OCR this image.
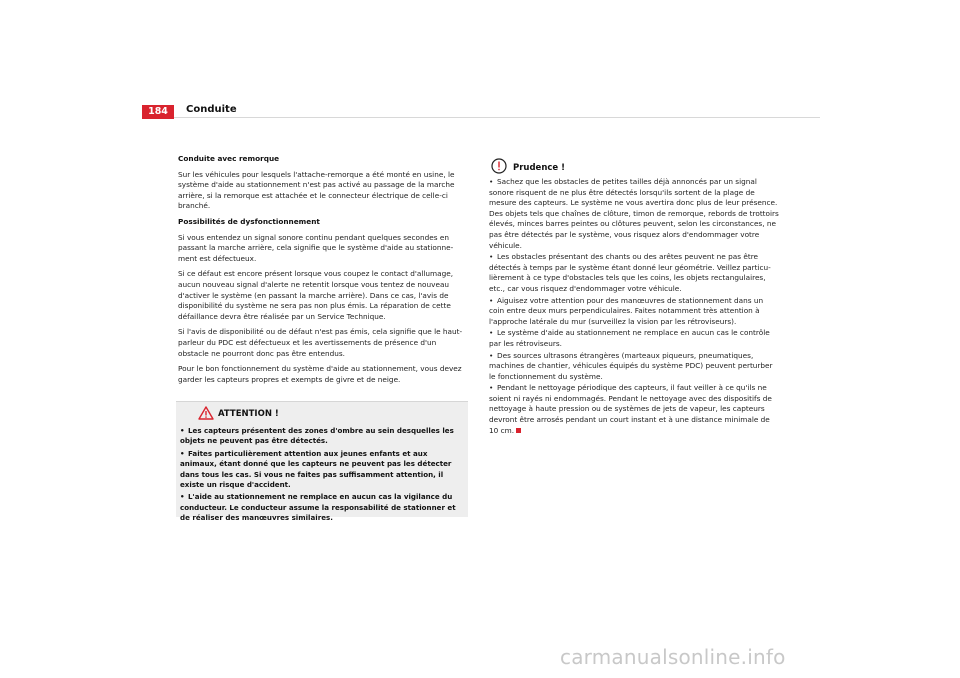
184	Conduite

Conduite avec remorque

Sur les véhicules pour lesquels l'attache-remorque a été monté en usine, le système d'aide au stationnement n'est pas activé au passage de la marche arrière, si la remorque est attachée et le connecteur électrique de celle-ci branché.

Possibilités de dysfonctionnement

Si vous entendez un signal sonore continu pendant quelques secondes en passant la marche arrière, cela signifie que le système d'aide au stationne-ment est défectueux.

Si ce défaut est encore présent lorsque vous coupez le contact d'allumage, aucun nouveau signal d'alerte ne retentit lorsque vous tentez de nouveau d'activer le système (en passant la marche arrière). Dans ce cas, l'avis de disponibilité du système ne sera pas non plus émis. La réparation de cette défaillance devra être réalisée par un Service Technique.

Si l'avis de disponibilité ou de défaut n'est pas émis, cela signifie que le haut-parleur du PDC est défectueux et les avertissements de présence d'un obstacle ne pourront donc pas être entendus.

Pour le bon fonctionnement du système d'aide au stationnement, vous devez garder les capteurs propres et exempts de givre et de neige.

ATTENTION !
• Les capteurs présentent des zones d'ombre au sein desquelles les objets ne peuvent pas être détectés.
• Faites particulièrement attention aux jeunes enfants et aux animaux, étant donné que les capteurs ne peuvent pas les détecter dans tous les cas. Si vous ne faites pas suffisamment attention, il existe un risque d'accident.
• L'aide au stationnement ne remplace en aucun cas la vigilance du conducteur. Le conducteur assume la responsabilité de stationner et de réaliser des manœuvres similaires.
Prudence !
• Sachez que les obstacles de petites tailles déjà annoncés par un signal sonore risquent de ne plus être détectés lorsqu'ils sortent de la plage de mesure des capteurs. Le système ne vous avertira donc plus de leur présence. Des objets tels que chaînes de clôture, timon de remorque, rebords de trottoirs élevés, minces barres peintes ou clôtures peuvent, selon les circonstances, ne pas être détectés par le système, vous risquez alors d'endommager votre véhicule.
• Les obstacles présentant des chants ou des arêtes peuvent ne pas être détectés à temps par le système étant donné leur géométrie. Veillez particu-lièrement à ce type d'obstacles tels que les coins, les objets rectangulaires, etc., car vous risquez d'endommager votre véhicule.
• Aiguisez votre attention pour des manœuvres de stationnement dans un coin entre deux murs perpendiculaires. Faites notamment très attention à l'approche latérale du mur (surveillez la vision par les rétroviseurs).
• Le système d'aide au stationnement ne remplace en aucun cas le contrôle par les rétroviseurs.
• Des sources ultrasons étrangères (marteaux piqueurs, pneumatiques, machines de chantier, véhicules équipés du système PDC) peuvent perturber le fonctionnement du système.
• Pendant le nettoyage périodique des capteurs, il faut veiller à ce qu'ils ne soient ni rayés ni endommagés. Pendant le nettoyage avec des dispositifs de nettoyage à haute pression ou de systèmes de jets de vapeur, les capteurs devront être arrosés pendant un court instant et à une distance minimale de 10 cm.
carmanualsonline.info
